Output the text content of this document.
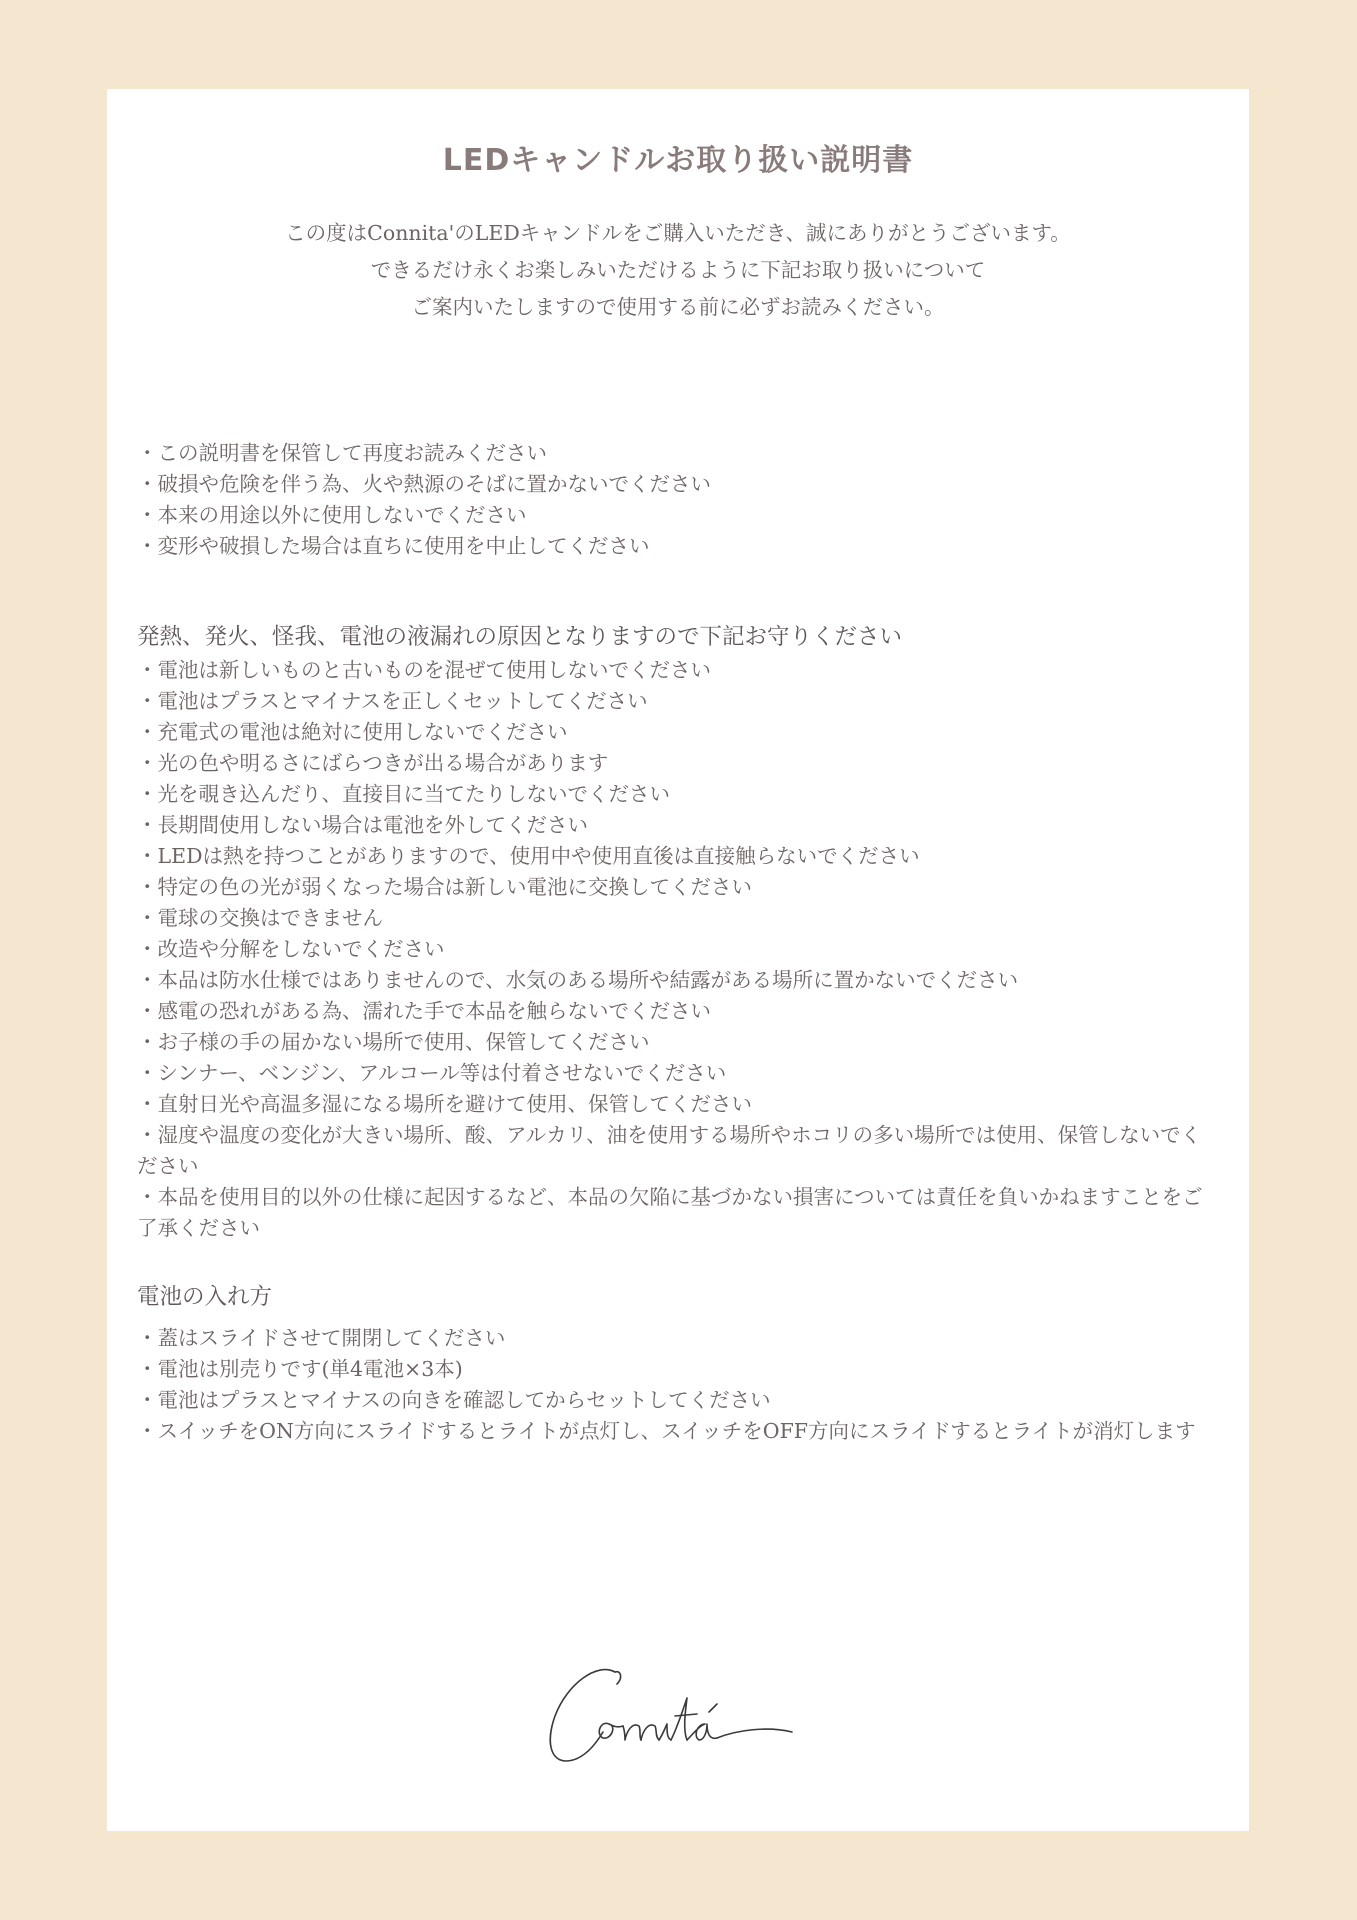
LEDキャンドルお取り扱い説明書
この度はConnita'のLEDキャンドルをご購入いただき、誠にありがとうございます。
できるだけ永くお楽しみいただけるように下記お取り扱いについて
ご案内いたしますので使用する前に必ずお読みください。
・この説明書を保管して再度お読みください
・破損や危険を伴う為、火や熱源のそばに置かないでください
・本来の用途以外に使用しないでください
・変形や破損した場合は直ちに使用を中止してください
発熱、発火、怪我、電池の液漏れの原因となりますので下記お守りください
・電池は新しいものと古いものを混ぜて使用しないでください
・電池はプラスとマイナスを正しくセットしてください
・充電式の電池は絶対に使用しないでください
・光の色や明るさにばらつきが出る場合があります
・光を覗き込んだり、直接目に当てたりしないでください
・長期間使用しない場合は電池を外してください
・LEDは熱を持つことがありますので、使用中や使用直後は直接触らないでください
・特定の色の光が弱くなった場合は新しい電池に交換してください
・電球の交換はできません
・改造や分解をしないでください
・本品は防水仕様ではありませんので、水気のある場所や結露がある場所に置かないでください
・感電の恐れがある為、濡れた手で本品を触らないでください
・お子様の手の届かない場所で使用、保管してください
・シンナー、ベンジン、アルコール等は付着させないでください
・直射日光や高温多湿になる場所を避けて使用、保管してください
・湿度や温度の変化が大きい場所、酸、アルカリ、油を使用する場所やホコリの多い場所では使用、保管しないでください
・本品を使用目的以外の仕様に起因するなど、本品の欠陥に基づかない損害については責任を負いかねますことをご了承ください
電池の入れ方
・蓋はスライドさせて開閉してください
・電池は別売りです(単4電池×3本)
・電池はプラスとマイナスの向きを確認してからセットしてください
・スイッチをON方向にスライドするとライトが点灯し、スイッチをOFF方向にスライドするとライトが消灯します
